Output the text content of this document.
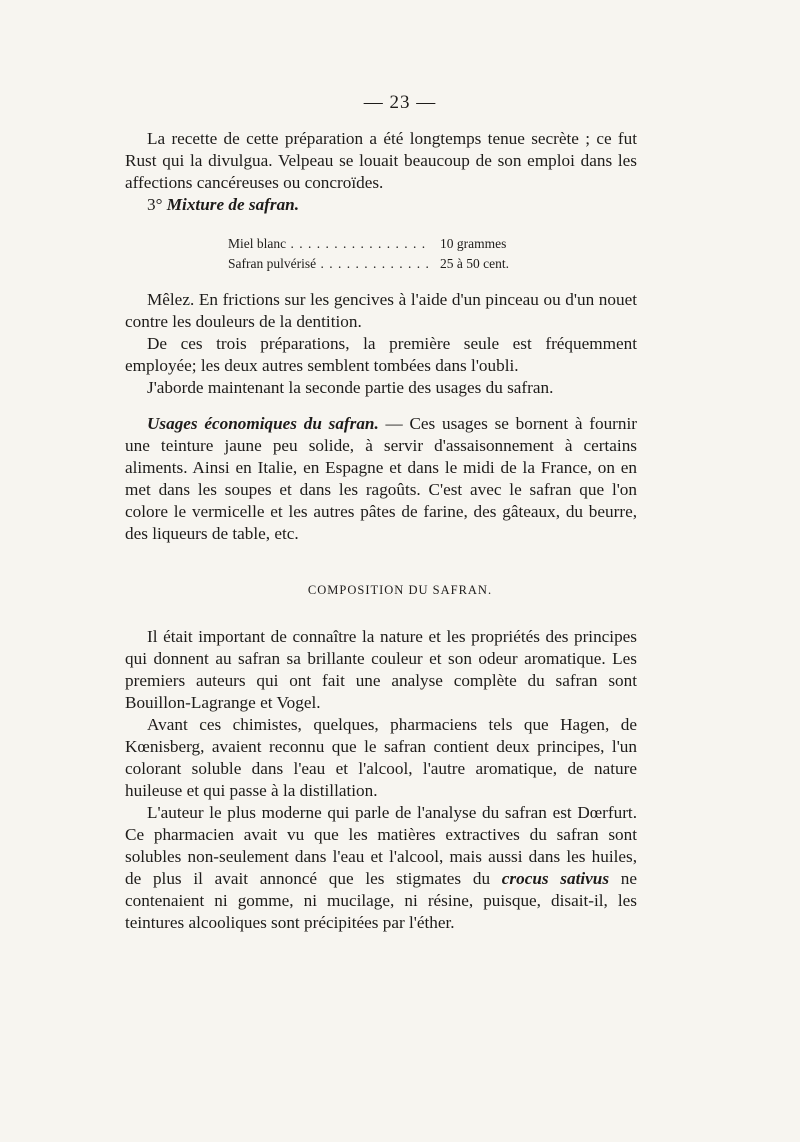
— 23 —

La recette de cette préparation a été longtemps tenue secrète ; ce fut Rust qui la divulgua. Velpeau se louait beaucoup de son emploi dans les affections cancéreuses ou concroïdes.

3° Mixture de safran.

Miel blanc . . .	10 grammes
Safran pulvérisé . . .	25 à 50 cent.

Mêlez. En frictions sur les gencives à l'aide d'un pinceau ou d'un nouet contre les douleurs de la dentition.

De ces trois préparations, la première seule est fréquemment employée; les deux autres semblent tombées dans l'oubli.

J'aborde maintenant la seconde partie des usages du safran.

Usages économiques du safran. — Ces usages se bornent à fournir une teinture jaune peu solide, à servir d'assaisonnement à certains aliments. Ainsi en Italie, en Espagne et dans le midi de la France, on en met dans les soupes et dans les ragoûts. C'est avec le safran que l'on colore le vermicelle et les autres pâtes de farine, des gâteaux, du beurre, des liqueurs de table, etc.

COMPOSITION DU SAFRAN.

Il était important de connaître la nature et les propriétés des principes qui donnent au safran sa brillante couleur et son odeur aromatique. Les premiers auteurs qui ont fait une analyse complète du safran sont Bouillon-Lagrange et Vogel.

Avant ces chimistes, quelques, pharmaciens tels que Hagen, de Kœnisberg, avaient reconnu que le safran contient deux principes, l'un colorant soluble dans l'eau et l'alcool, l'autre aromatique, de nature huileuse et qui passe à la distillation.

L'auteur le plus moderne qui parle de l'analyse du safran est Dœrfurt. Ce pharmacien avait vu que les matières extractives du safran sont solubles non-seulement dans l'eau et l'alcool, mais aussi dans les huiles, de plus il avait annoncé que les stigmates du crocus sativus ne contenaient ni gomme, ni mucilage, ni résine, puisque, disait-il, les teintures alcooliques sont précipitées par l'éther.
